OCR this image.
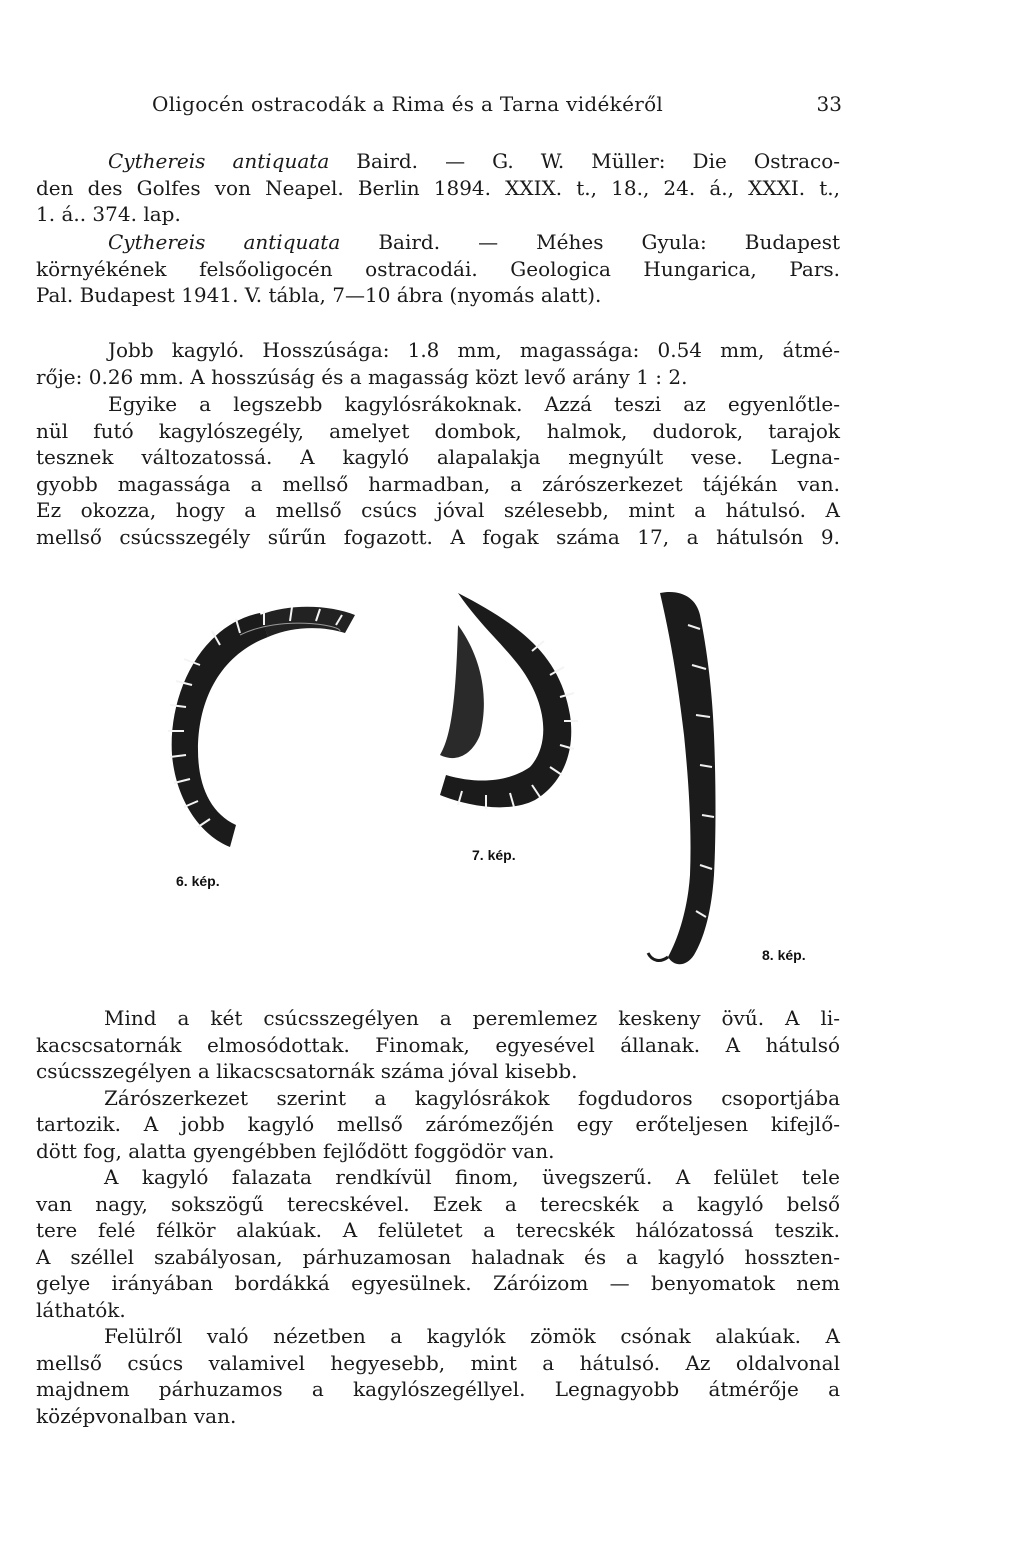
Oligocén ostracodák a Rima és a Tarna vidékéről	33
Cythereis antiquata Baird. — G. W. Müller: Die Ostraco-
den des Golfes von Neapel. Berlin 1894. XXIX. t., 18., 24. á., XXXI. t.,
1. á.. 374. lap.
Cythereis antiquata Baird. — Méhes Gyula: Budapest
környékének felsőoligocén ostracodái. Geologica Hungarica, Pars.
Pal. Budapest 1941. V. tábla, 7—10 ábra (nyomás alatt).
Jobb kagyló. Hosszúsága: 1.8 mm, magassága: 0.54 mm, átmé-
rője: 0.26 mm. A hosszúság és a magasság közt levő arány 1 : 2.
Egyike a legszebb kagylósrákoknak. Azzá teszi az egyenlőtle-
nül futó kagylószegély, amelyet dombok, halmok, dudorok, tarajok
tesznek változatossá. A kagyló alapalakja megnyúlt vese. Legna-
gyobb magassága a mellső harmadban, a zárószerkezet tájékán van.
Ez okozza, hogy a mellső csúcs jóval szélesebb, mint a hátulsó. A
mellső csúcsszegély sűrűn fogazott. A fogak száma 17, a hátulsón 9.
6. kép.
7. kép.
8. kép.
Mind a két csúcsszegélyen a peremlemez keskeny övű. A li-
kacscsatornák elmosódottak. Finomak, egyesével állanak. A hátulsó
csúcsszegélyen a likacscsatornák száma jóval kisebb.
Zárószerkezet szerint a kagylósrákok fogdudoros csoportjába
tartozik. A jobb kagyló mellső zárómezőjén egy erőteljesen kifejlő-
dött fog, alatta gyengébben fejlődött foggödör van.
A kagyló falazata rendkívül finom, üvegszerű. A felület tele
van nagy, sokszögű terecskével. Ezek a terecskék a kagyló belső
tere felé félkör alakúak. A felületet a terecskék hálózatossá teszik.
A széllel szabályosan, párhuzamosan haladnak és a kagyló hosszten-
gelye irányában bordákká egyesülnek. Záróizom — benyomatok nem
láthatók.
Felülről való nézetben a kagylók zömök csónak alakúak. A
mellső csúcs valamivel hegyesebb, mint a hátulsó. Az oldalvonal
majdnem párhuzamos a kagylószegéllyel. Legnagyobb átmérője a
középvonalban van.
